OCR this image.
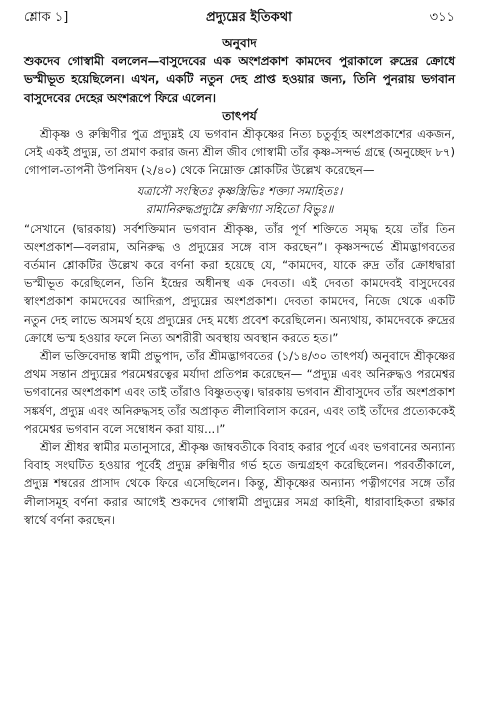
শ্লোক ১]	প্রদ্যুম্নের ইতিকথা	৩১১
অনুবাদ

শুকদেব গোস্বামী বললেন—বাসুদেবের এক অংশপ্রকাশ কামদেব পুরাকালে রুদ্রের ক্রোধে ভস্মীভূত হয়েছিলেন। এখন, একটি নতুন দেহ প্রাপ্ত হওয়ার জন্য, তিনি পুনরায় ভগবান বাসুদেবের দেহের অংশরূপে ফিরে এলেন।

তাৎপর্য

শ্রীকৃষ্ণ ও রুক্মিণীর পুত্র প্রদ্যুম্নই যে ভগবান শ্রীকৃষ্ণের নিত্য চতুর্ব্যূহ অংশপ্রকাশের একজন, সেই একই প্রদ্যুম্ন, তা প্রমাণ করার জন্য শ্রীল জীব গোস্বামী তাঁর কৃষ্ণ-সন্দর্ভ গ্রন্থে (অনুচ্ছেদ ৮৭) গোপাল-তাপনী উপনিষদ (২/৪০) থেকে নিম্নোক্ত শ্লোকটির উল্লেখ করেছেন—

যত্রাসৌ সংস্থিতঃ কৃষ্ণস্ত্রিভিঃ শক্ত্যা সমাহিতঃ।
রামানিরুদ্ধপ্রদ্যুম্নৈ রুক্মিণ্যা সহিতো বিভুঃ॥

“সেখানে (দ্বারকায়) সর্বশক্তিমান ভগবান শ্রীকৃষ্ণ, তাঁর পূর্ণ শক্তিতে সমৃদ্ধ হয়ে তাঁর তিন অংশপ্রকাশ—বলরাম, অনিরুদ্ধ ও প্রদ্যুম্নের সঙ্গে বাস করছেন”। কৃষ্ণসন্দর্ভে শ্রীমদ্ভাগবতের বর্তমান শ্লোকটির উল্লেখ করে বর্ণনা করা হয়েছে যে, “কামদেব, যাকে রুদ্র তাঁর ক্রোধদ্বারা ভস্মীভূত করেছিলেন, তিনি ইন্দ্রের অধীনস্থ এক দেবতা। এই দেবতা কামদেবই বাসুদেবের স্বাংশপ্রকাশ কামদেবের আদিরূপ, প্রদ্যুম্নের অংশপ্রকাশ। দেবতা কামদেব, নিজে থেকে একটি নতুন দেহ লাভে অসমর্থ হয়ে প্রদ্যুম্নের দেহ মধ্যে প্রবেশ করেছিলেন। অন্যথায়, কামদেবকে রুদ্রের ক্রোধে ভস্ম হওয়ার ফলে নিত্য অশরীরী অবস্থায় অবস্থান করতে হত।”

শ্রীল ভক্তিবেদান্ত স্বামী প্রভুপাদ, তাঁর শ্রীমদ্ভাগবতের (১/১৪/৩০ তাৎপর্য) অনুবাদে শ্রীকৃষ্ণের প্রথম সন্তান প্রদ্যুম্নের পরমেশ্বরত্বের মর্যাদা প্রতিপন্ন করেছেন— “প্রদ্যুম্ন এবং অনিরুদ্ধও পরমেশ্বর ভগবানের অংশপ্রকাশ এবং তাই তাঁরাও বিষ্ণুতত্ত্ব। দ্বারকায় ভগবান শ্রীবাসুদেব তাঁর অংশপ্রকাশ সঙ্কর্ষণ, প্রদ্যুম্ন এবং অনিরুদ্ধসহ তাঁর অপ্রাকৃত লীলাবিলাস করেন, এবং তাই তাঁদের প্রত্যেককেই পরমেশ্বর ভগবান বলে সম্বোধন করা যায়...।”

শ্রীল শ্রীধর স্বামীর মতানুসারে, শ্রীকৃষ্ণ জাম্ববতীকে বিবাহ করার পূর্বে এবং ভগবানের অন্যান্য বিবাহ সংঘটিত হওয়ার পূর্বেই প্রদ্যুম্ন রুক্মিণীর গর্ভ হতে জন্মগ্রহণ করেছিলেন। পরবর্তীকালে, প্রদ্যুম্ন শম্বরের প্রাসাদ থেকে ফিরে এসেছিলেন। কিন্তু, শ্রীকৃষ্ণের অন্যান্য পত্নীগণের সঙ্গে তাঁর লীলাসমূহ বর্ণনা করার আগেই শুকদেব গোস্বামী প্রদ্যুম্নের সমগ্র কাহিনী, ধারাবাহিকতা রক্ষার স্বার্থে বর্ণনা করছেন।
